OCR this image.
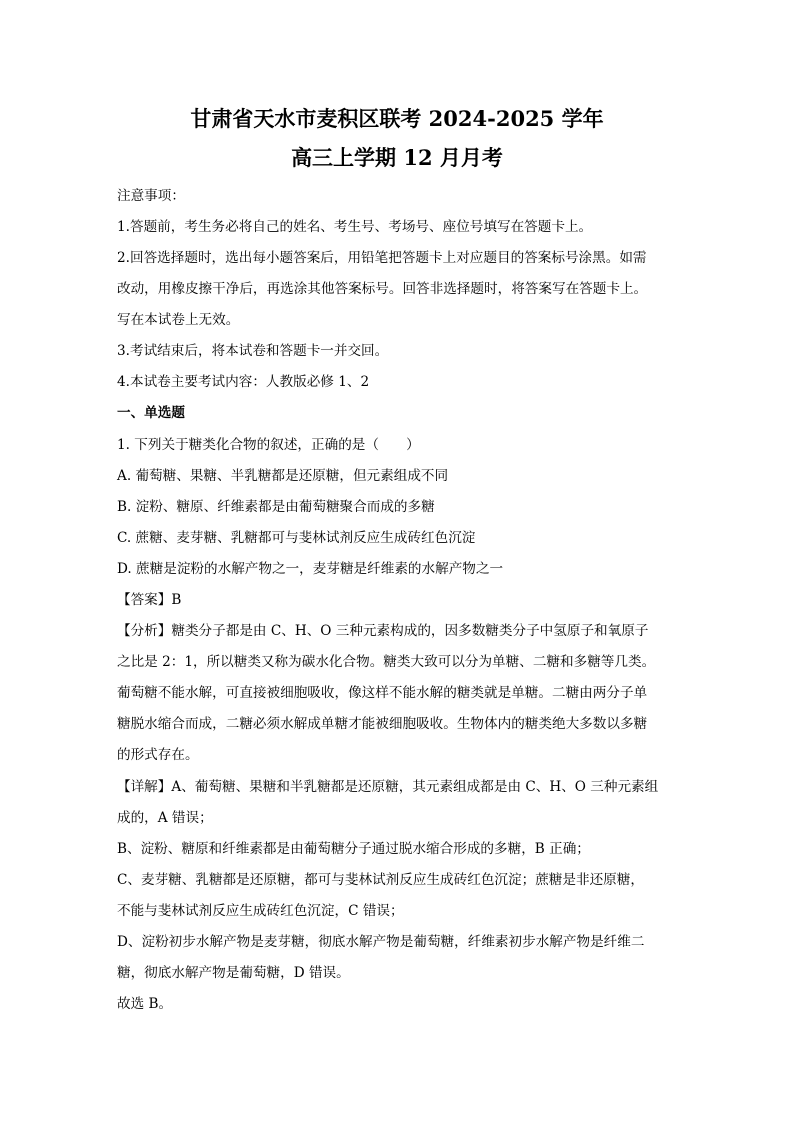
甘肃省天水市麦积区联考 2024-2025 学年
高三上学期 12 月月考
注意事项：
1.答题前，考生务必将自己的姓名、考生号、考场号、座位号填写在答题卡上。
2.回答选择题时，选出每小题答案后，用铅笔把答题卡上对应题目的答案标号涂黑。如需
改动，用橡皮擦干净后，再选涂其他答案标号。回答非选择题时，将答案写在答题卡上。
写在本试卷上无效。
3.考试结束后，将本试卷和答题卡一并交回。
4.本试卷主要考试内容：人教版必修 1、2
一、单选题
1. 下列关于糖类化合物的叙述，正确的是（　　）
A. 葡萄糖、果糖、半乳糖都是还原糖，但元素组成不同
B. 淀粉、糖原、纤维素都是由葡萄糖聚合而成的多糖
C. 蔗糖、麦芽糖、乳糖都可与斐林试剂反应生成砖红色沉淀
D. 蔗糖是淀粉的水解产物之一，麦芽糖是纤维素的水解产物之一
【答案】B
【分析】糖类分子都是由 C、H、O 三种元素构成的，因多数糖类分子中氢原子和氧原子
之比是 2：1，所以糖类又称为碳水化合物。糖类大致可以分为单糖、二糖和多糖等几类。
葡萄糖不能水解，可直接被细胞吸收，像这样不能水解的糖类就是单糖。二糖由两分子单
糖脱水缩合而成，二糖必须水解成单糖才能被细胞吸收。生物体内的糖类绝大多数以多糖
的形式存在。
【详解】A、葡萄糖、果糖和半乳糖都是还原糖，其元素组成都是由 C、H、O 三种元素组
成的，A 错误；
B、淀粉、糖原和纤维素都是由葡萄糖分子通过脱水缩合形成的多糖，B 正确；
C、麦芽糖、乳糖都是还原糖，都可与斐林试剂反应生成砖红色沉淀；蔗糖是非还原糖，
不能与斐林试剂反应生成砖红色沉淀，C 错误；
D、淀粉初步水解产物是麦芽糖，彻底水解产物是葡萄糖，纤维素初步水解产物是纤维二
糖，彻底水解产物是葡萄糖，D 错误。
故选 B。
